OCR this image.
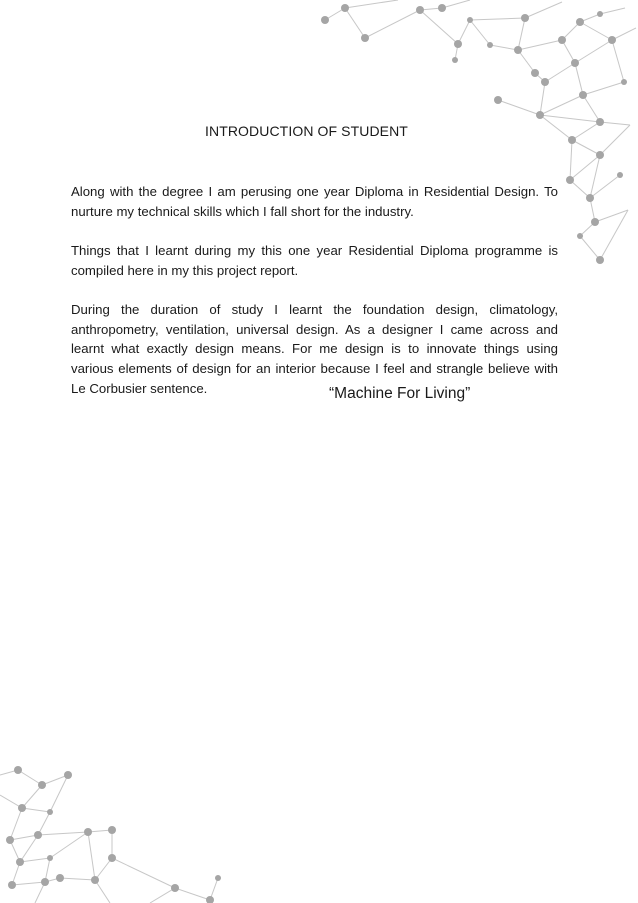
INTRODUCTION OF STUDENT

Along with the degree I am perusing one year Diploma in Residential Design. To nurture my technical skills which I fall short for the industry.

Things that I learnt during my this one year Residential Diploma programme is compiled here in my this project report.

During the duration of study I learnt the foundation design, climatology, anthropometry, ventilation, universal design. As a designer I came across and learnt what exactly design means. For me design is to innovate things using various elements of design for an interior because I feel and strangle believe with Le Corbusier sentence.	“Machine For Living”
